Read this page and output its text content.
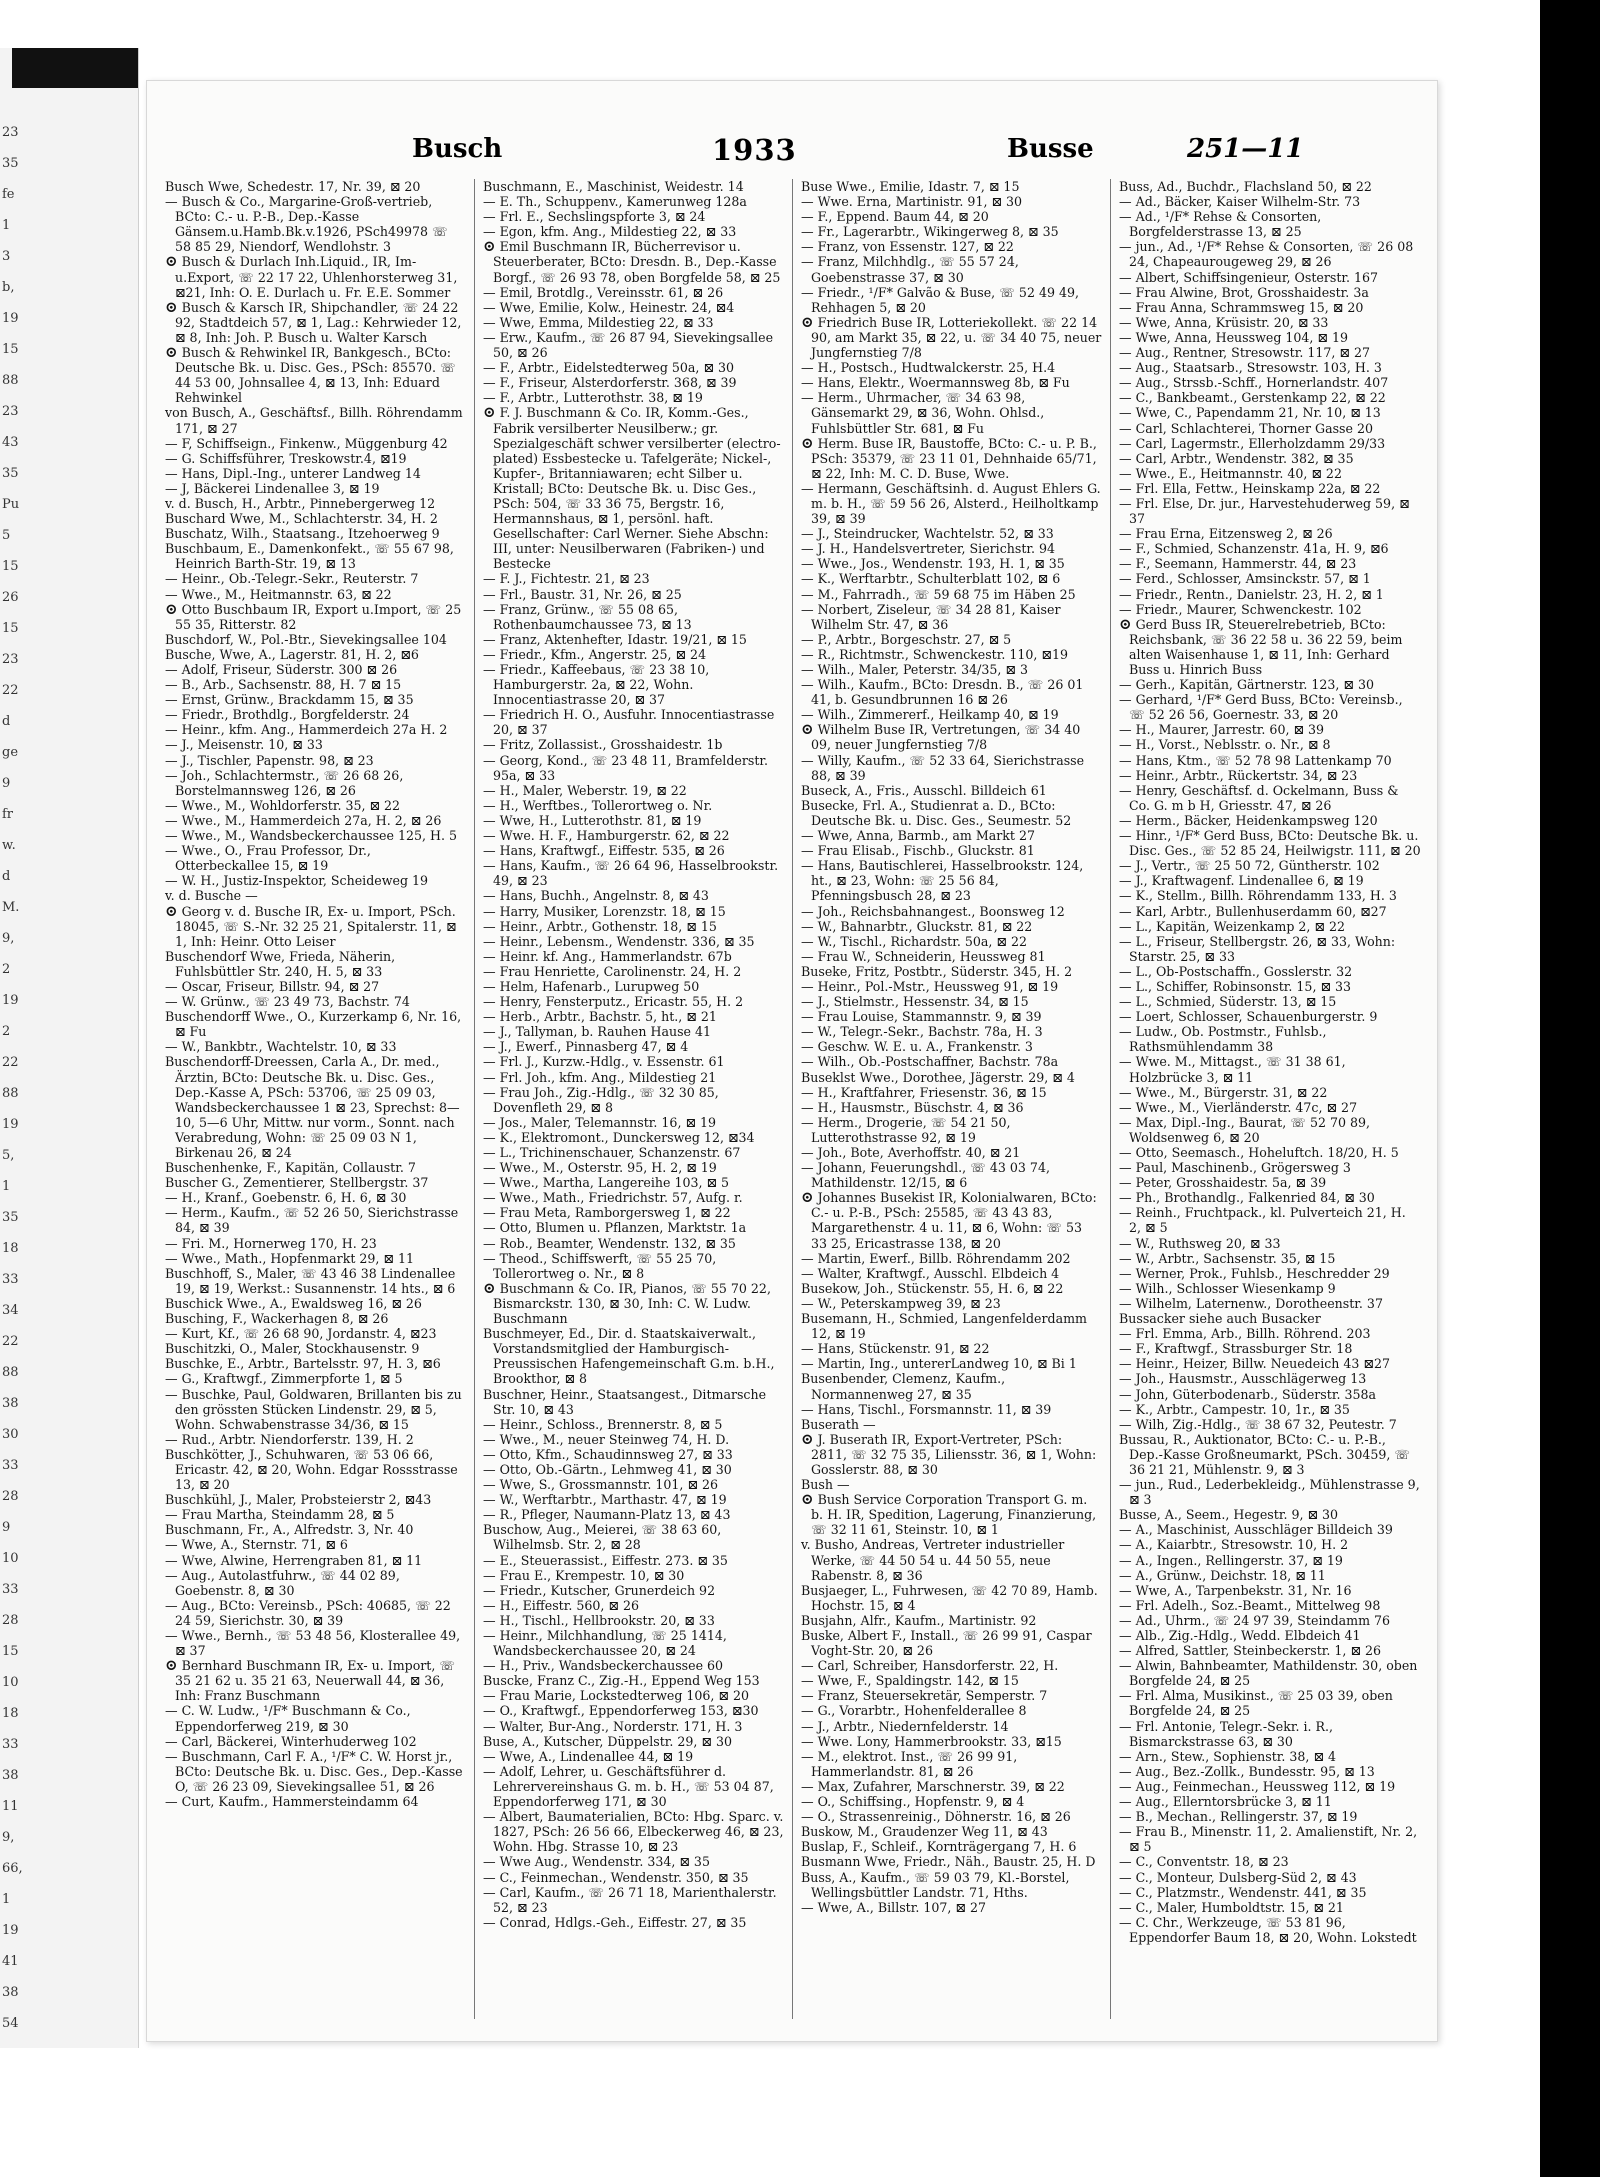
23
35
fe
1
3
b,
19
15
88
23
43
35
Pu
5
15
26
15
23
22
d
ge
9
fr
w.
d
M.
9,
2
19
2
22
88
19
5,
1
35
18
33
34
22
88
38
30
33
28
9
10
33
28
15
10
18
33
38
11
9,
66,
1
19
41
38
54
Busch	1933	Busse	251—11

Busch Wwe, Schedestr. 17, Nr. 39, ⊠ 20

— Busch & Co., Margarine-Groß-vertrieb, BCto: C.- u. P.-B., Dep.-Kasse Gänsem.u.Hamb.Bk.v.1926, PSch49978 ☏ 58 85 29, Niendorf, Wendlohstr. 3

⊙ Busch & Durlach Inh.Liquid., IR, Im-u.Export, ☏ 22 17 22, Uhlenhorsterweg 31, ⊠21, Inh: O. E. Durlach u. Fr. E.E. Sommer

⊙ Busch & Karsch IR, Shipchandler, ☏ 24 22 92, Stadtdeich 57, ⊠ 1, Lag.: Kehrwieder 12, ⊠ 8, Inh: Joh. P. Busch u. Walter Karsch

⊙ Busch & Rehwinkel IR, Bankgesch., BCto: Deutsche Bk. u. Disc. Ges., PSch: 85570. ☏ 44 53 00, Johnsallee 4, ⊠ 13, Inh: Eduard Rehwinkel

von Busch, A., Geschäftsf., Billh. Röhrendamm 171, ⊠ 27

— F, Schiffseign., Finkenw., Müggenburg 42

— G. Schiffsführer, Treskowstr.4, ⊠19

— Hans, Dipl.-Ing., unterer Landweg 14

— J, Bäckerei Lindenallee 3, ⊠ 19

v. d. Busch, H., Arbtr., Pinnebergerweg 12

Buschard Wwe, M., Schlachterstr. 34, H. 2

Buschatz, Wilh., Staatsang., Itzehoerweg 9

Buschbaum, E., Damenkonfekt., ☏ 55 67 98, Heinrich Barth-Str. 19, ⊠ 13

— Heinr., Ob.-Telegr.-Sekr., Reuterstr. 7

— Wwe., M., Heitmannstr. 63, ⊠ 22

⊙ Otto Buschbaum IR, Export u.Import, ☏ 25 55 35, Ritterstr. 82

Buschdorf, W., Pol.-Btr., Sievekingsallee 104

Busche, Wwe, A., Lagerstr. 81, H. 2, ⊠6

— Adolf, Friseur, Süderstr. 300 ⊠ 26

— B., Arb., Sachsenstr. 88, H. 7 ⊠ 15

— Ernst, Grünw., Brackdamm 15, ⊠ 35

— Friedr., Brothdlg., Borgfelderstr. 24

— Heinr., kfm. Ang., Hammerdeich 27a H. 2

— J., Meisenstr. 10, ⊠ 33

— J., Tischler, Papenstr. 98, ⊠ 23

— Joh., Schlachtermstr., ☏ 26 68 26, Borstelmannsweg 126, ⊠ 26

— Wwe., M., Wohldorferstr. 35, ⊠ 22

— Wwe., M., Hammerdeich 27a, H. 2, ⊠ 26

— Wwe., M., Wandsbeckerchaussee 125, H. 5

— Wwe., O., Frau Professor, Dr., Otterbeckallee 15, ⊠ 19

— W. H., Justiz-Inspektor, Scheideweg 19

v. d. Busche —

⊙ Georg v. d. Busche IR, Ex- u. Import, PSch. 18045, ☏ S.-Nr. 32 25 21, Spitalerstr. 11, ⊠ 1, Inh: Heinr. Otto Leiser

Buschendorf Wwe, Frieda, Näherin, Fuhlsbüttler Str. 240, H. 5, ⊠ 33

— Oscar, Friseur, Billstr. 94, ⊠ 27

— W. Grünw., ☏ 23 49 73, Bachstr. 74

Buschendorff Wwe., O., Kurzerkamp 6, Nr. 16, ⊠ Fu

— W., Bankbtr., Wachtelstr. 10, ⊠ 33

Buschendorff-Dreessen, Carla A., Dr. med., Ärztin, BCto: Deutsche Bk. u. Disc. Ges., Dep.-Kasse A, PSch: 53706, ☏ 25 09 03, Wandsbeckerchaussee 1 ⊠ 23, Sprechst: 8—10, 5—6 Uhr, Mittw. nur vorm., Sonnt. nach Verabredung, Wohn: ☏ 25 09 03 N 1, Birkenau 26, ⊠ 24

Buschenhenke, F., Kapitän, Collaustr. 7

Buscher G., Zementierer, Stellbergstr. 37

— H., Kranf., Goebenstr. 6, H. 6, ⊠ 30

— Herm., Kaufm., ☏ 52 26 50, Sierichstrasse 84, ⊠ 39

— Fri. M., Hornerweg 170, H. 23

— Wwe., Math., Hopfenmarkt 29, ⊠ 11

Buschhoff, S., Maler, ☏ 43 46 38 Lindenallee 19, ⊠ 19, Werkst.: Susannenstr. 14 hts., ⊠ 6

Buschick Wwe., A., Ewaldsweg 16, ⊠ 26

Busching, F., Wackerhagen 8, ⊠ 26

— Kurt, Kf., ☏ 26 68 90, Jordanstr. 4, ⊠23

Buschitzki, O., Maler, Stockhausenstr. 9

Buschke, E., Arbtr., Bartelsstr. 97, H. 3, ⊠6

— G., Kraftwgf., Zimmerpforte 1, ⊠ 5

— Buschke, Paul, Goldwaren, Brillanten bis zu den grössten Stücken Lindenstr. 29, ⊠ 5, Wohn. Schwabenstrasse 34/36, ⊠ 15

— Rud., Arbtr. Niendorferstr. 139, H. 2

Buschkötter, J., Schuhwaren, ☏ 53 06 66, Ericastr. 42, ⊠ 20, Wohn. Edgar Rossstrasse 13, ⊠ 20

Buschkühl, J., Maler, Probsteierstr 2, ⊠43

— Frau Martha, Steindamm 28, ⊠ 5

Buschmann, Fr., A., Alfredstr. 3, Nr. 40

— Wwe, A., Sternstr. 71, ⊠ 6

— Wwe, Alwine, Herrengraben 81, ⊠ 11

— Aug., Autolastfuhrw., ☏ 44 02 89, Goebenstr. 8, ⊠ 30

— Aug., BCto: Vereinsb., PSch: 40685, ☏ 22 24 59, Sierichstr. 30, ⊠ 39

— Wwe., Bernh., ☏ 53 48 56, Klosterallee 49, ⊠ 37

⊙ Bernhard Buschmann IR, Ex- u. Import, ☏ 35 21 62 u. 35 21 63, Neuerwall 44, ⊠ 36, Inh: Franz Buschmann

— C. W. Ludw., ¹/F* Buschmann & Co., Eppendorferweg 219, ⊠ 30

— Carl, Bäckerei, Winterhuderweg 102

— Buschmann, Carl F. A., ¹/F* C. W. Horst jr., BCto: Deutsche Bk. u. Disc. Ges., Dep.-Kasse O, ☏ 26 23 09, Sievekingsallee 51, ⊠ 26

— Curt, Kaufm., Hammersteindamm 64

Buschmann, E., Maschinist, Weidestr. 14

— E. Th., Schuppenv., Kamerunweg 128a

— Frl. E., Sechslingspforte 3, ⊠ 24

— Egon, kfm. Ang., Mildestieg 22, ⊠ 33

⊙ Emil Buschmann IR, Bücherrevisor u. Steuerberater, BCto: Dresdn. B., Dep.-Kasse Borgf., ☏ 26 93 78, oben Borgfelde 58, ⊠ 25

— Emil, Brotdlg., Vereinsstr. 61, ⊠ 26

— Wwe, Emilie, Kolw., Heinestr. 24, ⊠4

— Wwe, Emma, Mildestieg 22, ⊠ 33

— Erw., Kaufm., ☏ 26 87 94, Sievekingsallee 50, ⊠ 26

— F., Arbtr., Eidelstedterweg 50a, ⊠ 30

— F., Friseur, Alsterdorferstr. 368, ⊠ 39

— F., Arbtr., Lutterothstr. 38, ⊠ 19

⊙ F. J. Buschmann & Co. IR, Komm.-Ges., Fabrik versilberter Neusilberw.; gr. Spezialgeschäft schwer versilberter (electro-plated) Essbestecke u. Tafelgeräte; Nickel-, Kupfer-, Britanniawaren; echt Silber u. Kristall; BCto: Deutsche Bk. u. Disc Ges., PSch: 504, ☏ 33 36 75, Bergstr. 16, Hermannshaus, ⊠ 1, persönl. haft. Gesellschafter: Carl Werner. Siehe Abschn: III, unter: Neusilberwaren (Fabriken-) und Bestecke

— F. J., Fichtestr. 21, ⊠ 23

— Frl., Baustr. 31, Nr. 26, ⊠ 25

— Franz, Grünw., ☏ 55 08 65, Rothenbaumchaussee 73, ⊠ 13

— Franz, Aktenhefter, Idastr. 19/21, ⊠ 15

— Friedr., Kfm., Angerstr. 25, ⊠ 24

— Friedr., Kaffeebaus, ☏ 23 38 10, Hamburgerstr. 2a, ⊠ 22, Wohn. Innocentiastrasse 20, ⊠ 37

— Friedrich H. O., Ausfuhr. Innocentiastrasse 20, ⊠ 37

— Fritz, Zollassist., Grosshaidestr. 1b

— Georg, Kond., ☏ 23 48 11, Bramfelderstr. 95a, ⊠ 33

— H., Maler, Weberstr. 19, ⊠ 22

— H., Werftbes., Tollerortweg o. Nr.

— Wwe, H., Lutterothstr. 81, ⊠ 19

— Wwe. H. F., Hamburgerstr. 62, ⊠ 22

— Hans, Kraftwgf., Eiffestr. 535, ⊠ 26

— Hans, Kaufm., ☏ 26 64 96, Hasselbrookstr. 49, ⊠ 23

— Hans, Buchh., Angelnstr. 8, ⊠ 43

— Harry, Musiker, Lorenzstr. 18, ⊠ 15

— Heinr., Arbtr., Gothenstr. 18, ⊠ 15

— Heinr., Lebensm., Wendenstr. 336, ⊠ 35

— Heinr. kf. Ang., Hammerlandstr. 67b

— Frau Henriette, Carolinenstr. 24, H. 2

— Helm, Hafenarb., Lurupweg 50

— Henry, Fensterputz., Ericastr. 55, H. 2

— Herb., Arbtr., Bachstr. 5, ht., ⊠ 21

— J., Tallyman, b. Rauhen Hause 41

— J., Ewerf., Pinnasberg 47, ⊠ 4

— Frl. J., Kurzw.-Hdlg., v. Essenstr. 61

— Frl. Joh., kfm. Ang., Mildestieg 21

— Frau Joh., Zig.-Hdlg., ☏ 32 30 85, Dovenfleth 29, ⊠ 8

— Jos., Maler, Telemannstr. 16, ⊠ 19

— K., Elektromont., Dunckersweg 12, ⊠34

— L., Trichinenschauer, Schanzenstr. 67

— Wwe., M., Osterstr. 95, H. 2, ⊠ 19

— Wwe., Martha, Langereihe 103, ⊠ 5

— Wwe., Math., Friedrichstr. 57, Aufg. r.

— Frau Meta, Ramborgersweg 1, ⊠ 22

— Otto, Blumen u. Pflanzen, Marktstr. 1a

— Rob., Beamter, Wendenstr. 132, ⊠ 35

— Theod., Schiffswerft, ☏ 55 25 70, Tollerortweg o. Nr., ⊠ 8

⊙ Buschmann & Co. IR, Pianos, ☏ 55 70 22, Bismarckstr. 130, ⊠ 30, Inh: C. W. Ludw. Buschmann

Buschmeyer, Ed., Dir. d. Staatskaiverwalt., Vorstandsmitglied der Hamburgisch-Preussischen Hafengemeinschaft G.m. b.H., Brookthor, ⊠ 8

Buschner, Heinr., Staatsangest., Ditmarsche Str. 10, ⊠ 43

— Heinr., Schloss., Brennerstr. 8, ⊠ 5

— Wwe., M., neuer Steinweg 74, H. D.

— Otto, Kfm., Schaudinnsweg 27, ⊠ 33

— Otto, Ob.-Gärtn., Lehmweg 41, ⊠ 30

— Wwe, S., Grossmannstr. 101, ⊠ 26

— W., Werftarbtr., Marthastr. 47, ⊠ 19

— R., Pfleger, Naumann-Platz 13, ⊠ 43

Buschow, Aug., Meierei, ☏ 38 63 60, Wilhelmsb. Str. 2, ⊠ 28

— E., Steuerassist., Eiffestr. 273. ⊠ 35

— Frau E., Krempestr. 10, ⊠ 30

— Friedr., Kutscher, Grunerdeich 92

— H., Eiffestr. 560, ⊠ 26

— H., Tischl., Hellbrookstr. 20, ⊠ 33

— Heinr., Milchhandlung, ☏ 25 1414, Wandsbeckerchaussee 20, ⊠ 24

— H., Priv., Wandsbeckerchaussee 60

Buscke, Franz C., Zig.-H., Eppend Weg 153

— Frau Marie, Lockstedterweg 106, ⊠ 20

— O., Kraftwgf., Eppendorferweg 153, ⊠30

— Walter, Bur-Ang., Norderstr. 171, H. 3

Buse, A., Kutscher, Düppelstr. 29, ⊠ 30

— Wwe, A., Lindenallee 44, ⊠ 19

— Adolf, Lehrer, u. Geschäftsführer d. Lehrervereinshaus G. m. b. H., ☏ 53 04 87, Eppendorferweg 171, ⊠ 30

— Albert, Baumaterialien, BCto: Hbg. Sparc. v. 1827, PSch: 26 56 66, Elbeckerweg 46, ⊠ 23, Wohn. Hbg. Strasse 10, ⊠ 23

— Wwe Aug., Wendenstr. 334, ⊠ 35

— C., Feinmechan., Wendenstr. 350, ⊠ 35

— Carl, Kaufm., ☏ 26 71 18, Marienthalerstr. 52, ⊠ 23

— Conrad, Hdlgs.-Geh., Eiffestr. 27, ⊠ 35

Buse Wwe., Emilie, Idastr. 7, ⊠ 15

— Wwe. Erna, Martinistr. 91, ⊠ 30

— F., Eppend. Baum 44, ⊠ 20

— Fr., Lagerarbtr., Wikingerweg 8, ⊠ 35

— Franz, von Essenstr. 127, ⊠ 22

— Franz, Milchhdlg., ☏ 55 57 24, Goebenstrasse 37, ⊠ 30

— Friedr., ¹/F* Galvão & Buse, ☏ 52 49 49, Rehhagen 5, ⊠ 20

⊙ Friedrich Buse IR, Lotteriekollekt. ☏ 22 14 90, am Markt 35, ⊠ 22, u. ☏ 34 40 75, neuer Jungfernstieg 7/8

— H., Postsch., Hudtwalckerstr. 25, H.4

— Hans, Elektr., Woermannsweg 8b, ⊠ Fu

— Herm., Uhrmacher, ☏ 34 63 98, Gänsemarkt 29, ⊠ 36, Wohn. Ohlsd., Fuhlsbüttler Str. 681, ⊠ Fu

⊙ Herm. Buse IR, Baustoffe, BCto: C.- u. P. B., PSch: 35379, ☏ 23 11 01, Dehnhaide 65/71, ⊠ 22, Inh: M. C. D. Buse, Wwe.

— Hermann, Geschäftsinh. d. August Ehlers G. m. b. H., ☏ 59 56 26, Alsterd., Heilholtkamp 39, ⊠ 39

— J., Steindrucker, Wachtelstr. 52, ⊠ 33

— J. H., Handelsvertreter, Sierichstr. 94

— Wwe., Jos., Wendenstr. 193, H. 1, ⊠ 35

— K., Werftarbtr., Schulterblatt 102, ⊠ 6

— M., Fahrradh., ☏ 59 68 75 im Häben 25

— Norbert, Ziseleur, ☏ 34 28 81, Kaiser Wilhelm Str. 47, ⊠ 36

— P., Arbtr., Borgeschstr. 27, ⊠ 5

— R., Richtmstr., Schwenckestr. 110, ⊠19

— Wilh., Maler, Peterstr. 34/35, ⊠ 3

— Wilh., Kaufm., BCto: Dresdn. B., ☏ 26 01 41, b. Gesundbrunnen 16 ⊠ 26

— Wilh., Zimmererf., Heilkamp 40, ⊠ 19

⊙ Wilhelm Buse IR, Vertretungen, ☏ 34 40 09, neuer Jungfernstieg 7/8

— Willy, Kaufm., ☏ 52 33 64, Sierichstrasse 88, ⊠ 39

Buseck, A., Fris., Ausschl. Billdeich 61

Busecke, Frl. A., Studienrat a. D., BCto: Deutsche Bk. u. Disc. Ges., Seumestr. 52

— Wwe, Anna, Barmb., am Markt 27

— Frau Elisab., Fischb., Gluckstr. 81

— Hans, Bautischlerei, Hasselbrookstr. 124, ht., ⊠ 23, Wohn: ☏ 25 56 84, Pfenningsbusch 28, ⊠ 23

— Joh., Reichsbahnangest., Boonsweg 12

— W., Bahnarbtr., Gluckstr. 81, ⊠ 22

— W., Tischl., Richardstr. 50a, ⊠ 22

— Frau W., Schneiderin, Heussweg 81

Buseke, Fritz, Postbtr., Süderstr. 345, H. 2

— Heinr., Pol.-Mstr., Heussweg 91, ⊠ 19

— J., Stielmstr., Hessenstr. 34, ⊠ 15

— Frau Louise, Stammannstr. 9, ⊠ 39

— W., Telegr.-Sekr., Bachstr. 78a, H. 3

— Geschw. W. E. u. A., Frankenstr. 3

— Wilh., Ob.-Postschaffner, Bachstr. 78a

Buseklst Wwe., Dorothee, Jägerstr. 29, ⊠ 4

— H., Kraftfahrer, Friesenstr. 36, ⊠ 15

— H., Hausmstr., Büschstr. 4, ⊠ 36

— Herm., Drogerie, ☏ 54 21 50, Lutterothstrasse 92, ⊠ 19

— Joh., Bote, Averhoffstr. 40, ⊠ 21

— Johann, Feuerungshdl., ☏ 43 03 74, Mathildenstr. 12/15, ⊠ 6

⊙ Johannes Busekist IR, Kolonialwaren, BCto: C.- u. P.-B., PSch: 25585, ☏ 43 43 83, Margarethenstr. 4 u. 11, ⊠ 6, Wohn: ☏ 53 33 25, Ericastrasse 138, ⊠ 20

— Martin, Ewerf., Billb. Röhrendamm 202

— Walter, Kraftwgf., Ausschl. Elbdeich 4

Busekow, Joh., Stückenstr. 55, H. 6, ⊠ 22

— W., Peterskampweg 39, ⊠ 23

Busemann, H., Schmied, Langenfelderdamm 12, ⊠ 19

— Hans, Stückenstr. 91, ⊠ 22

— Martin, Ing., untererLandweg 10, ⊠ Bi 1

Busenbender, Clemenz, Kaufm., Normannenweg 27, ⊠ 35

— Hans, Tischl., Forsmannstr. 11, ⊠ 39

Buserath —

⊙ J. Buserath IR, Export-Vertreter, PSch: 2811, ☏ 32 75 35, Liliensstr. 36, ⊠ 1, Wohn: Gosslerstr. 88, ⊠ 30

Bush —

⊙ Bush Service Corporation Transport G. m. b. H. IR, Spedition, Lagerung, Finanzierung, ☏ 32 11 61, Steinstr. 10, ⊠ 1

v. Busho, Andreas, Vertreter industrieller Werke, ☏ 44 50 54 u. 44 50 55, neue Rabenstr. 8, ⊠ 36

Busjaeger, L., Fuhrwesen, ☏ 42 70 89, Hamb. Hochstr. 15, ⊠ 4

Busjahn, Alfr., Kaufm., Martinistr. 92

Buske, Albert F., Install., ☏ 26 99 91, Caspar Voght-Str. 20, ⊠ 26

— Carl, Schreiber, Hansdorferstr. 22, H.

— Wwe, F., Spaldingstr. 142, ⊠ 15

— Franz, Steuersekretär, Semperstr. 7

— G., Vorarbtr., Hohenfelderallee 8

— J., Arbtr., Niedernfelderstr. 14

— Wwe. Lony, Hammerbrookstr. 33, ⊠15

— M., elektrot. Inst., ☏ 26 99 91, Hammerlandstr. 81, ⊠ 26

— Max, Zufahrer, Marschnerstr. 39, ⊠ 22

— O., Schiffsing., Hopfenstr. 9, ⊠ 4

— O., Strassenreinig., Döhnerstr. 16, ⊠ 26

Buskow, M., Graudenzer Weg 11, ⊠ 43

Buslap, F., Schleif., Kornträgergang 7, H. 6

Busmann Wwe, Friedr., Näh., Baustr. 25, H. D

Buss, A., Kaufm., ☏ 59 03 79, Kl.-Borstel, Wellingsbüttler Landstr. 71, Hths.

— Wwe, A., Billstr. 107, ⊠ 27

Buss, Ad., Buchdr., Flachsland 50, ⊠ 22

— Ad., Bäcker, Kaiser Wilhelm-Str. 73

— Ad., ¹/F* Rehse & Consorten, Borgfelderstrasse 13, ⊠ 25

— jun., Ad., ¹/F* Rehse & Consorten, ☏ 26 08 24, Chapeaurougeweg 29, ⊠ 26

— Albert, Schiffsingenieur, Osterstr. 167

— Frau Alwine, Brot, Grosshaidestr. 3a

— Frau Anna, Schrammsweg 15, ⊠ 20

— Wwe, Anna, Krüsistr. 20, ⊠ 33

— Wwe, Anna, Heussweg 104, ⊠ 19

— Aug., Rentner, Stresowstr. 117, ⊠ 27

— Aug., Staatsarb., Stresowstr. 103, H. 3

— Aug., Strssb.-Schff., Hornerlandstr. 407

— C., Bankbeamt., Gerstenkamp 22, ⊠ 22

— Wwe, C., Papendamm 21, Nr. 10, ⊠ 13

— Carl, Schlachterei, Thorner Gasse 20

— Carl, Lagermstr., Ellerholzdamm 29/33

— Carl, Arbtr., Wendenstr. 382, ⊠ 35

— Wwe., E., Heitmannstr. 40, ⊠ 22

— Frl. Ella, Fettw., Heinskamp 22a, ⊠ 22

— Frl. Else, Dr. jur., Harvestehuderweg 59, ⊠ 37

— Frau Erna, Eitzensweg 2, ⊠ 26

— F., Schmied, Schanzenstr. 41a, H. 9, ⊠6

— F., Seemann, Hammerstr. 44, ⊠ 23

— Ferd., Schlosser, Amsinckstr. 57, ⊠ 1

— Friedr., Rentn., Danielstr. 23, H. 2, ⊠ 1

— Friedr., Maurer, Schwenckestr. 102

⊙ Gerd Buss IR, Steuerelrebetrieb, BCto: Reichsbank, ☏ 36 22 58 u. 36 22 59, beim alten Waisenhause 1, ⊠ 11, Inh: Gerhard Buss u. Hinrich Buss

— Gerh., Kapitän, Gärtnerstr. 123, ⊠ 30

— Gerhard, ¹/F* Gerd Buss, BCto: Vereinsb., ☏ 52 26 56, Goernestr. 33, ⊠ 20

— H., Maurer, Jarrestr. 60, ⊠ 39

— H., Vorst., Neblsstr. o. Nr., ⊠ 8

— Hans, Ktm., ☏ 52 78 98 Lattenkamp 70

— Heinr., Arbtr., Rückertstr. 34, ⊠ 23

— Henry, Geschäftsf. d. Ockelmann, Buss & Co. G. m b H, Griesstr. 47, ⊠ 26

— Herm., Bäcker, Heidenkampsweg 120

— Hinr., ¹/F* Gerd Buss, BCto: Deutsche Bk. u. Disc. Ges., ☏ 52 85 24, Heilwigstr. 111, ⊠ 20

— J., Vertr., ☏ 25 50 72, Güntherstr. 102

— J., Kraftwagenf. Lindenallee 6, ⊠ 19

— K., Stellm., Billh. Röhrendamm 133, H. 3

— Karl, Arbtr., Bullenhuserdamm 60, ⊠27

— L., Kapitän, Weizenkamp 2, ⊠ 22

— L., Friseur, Stellbergstr. 26, ⊠ 33, Wohn: Starstr. 25, ⊠ 33

— L., Ob-Postschaffn., Gosslerstr. 32

— L., Schiffer, Robinsonstr. 15, ⊠ 33

— L., Schmied, Süderstr. 13, ⊠ 15

— Loert, Schlosser, Schauenburgerstr. 9

— Ludw., Ob. Postmstr., Fuhlsb., Rathsmühlendamm 38

— Wwe. M., Mittagst., ☏ 31 38 61, Holzbrücke 3, ⊠ 11

— Wwe., M., Bürgerstr. 31, ⊠ 22

— Wwe., M., Vierländerstr. 47c, ⊠ 27

— Max, Dipl.-Ing., Baurat, ☏ 52 70 89, Woldsenweg 6, ⊠ 20

— Otto, Seemasch., Hoheluftch. 18/20, H. 5

— Paul, Maschinenb., Grögersweg 3

— Peter, Grosshaidestr. 5a, ⊠ 39

— Ph., Brothandlg., Falkenried 84, ⊠ 30

— Reinh., Fruchtpack., kl. Pulverteich 21, H. 2, ⊠ 5

— W., Ruthsweg 20, ⊠ 33

— W., Arbtr., Sachsenstr. 35, ⊠ 15

— Werner, Prok., Fuhlsb., Heschredder 29

— Wilh., Schlosser Wiesenkamp 9

— Wilhelm, Laternenw., Dorotheenstr. 37

Bussacker siehe auch Busacker

— Frl. Emma, Arb., Billh. Röhrend. 203

— F., Kraftwgf., Strassburger Str. 18

— Heinr., Heizer, Billw. Neuedeich 43 ⊠27

— Joh., Hausmstr., Ausschlägerweg 13

— John, Güterbodenarb., Süderstr. 358a

— K., Arbtr., Campestr. 10, 1r., ⊠ 35

— Wilh, Zig.-Hdlg., ☏ 38 67 32, Peutestr. 7

Bussau, R., Auktionator, BCto: C.- u. P.-B., Dep.-Kasse Großneumarkt, PSch. 30459, ☏ 36 21 21, Mühlenstr. 9, ⊠ 3

— jun., Rud., Lederbekleidg., Mühlenstrasse 9, ⊠ 3

Busse, A., Seem., Hegestr. 9, ⊠ 30

— A., Maschinist, Ausschläger Billdeich 39

— A., Kaiarbtr., Stresowstr. 10, H. 2

— A., Ingen., Rellingerstr. 37, ⊠ 19

— A., Grünw., Deichstr. 18, ⊠ 11

— Wwe, A., Tarpenbekstr. 31, Nr. 16

— Frl. Adelh., Soz.-Beamt., Mittelweg 98

— Ad., Uhrm., ☏ 24 97 39, Steindamm 76

— Alb., Zig.-Hdlg., Wedd. Elbdeich 41

— Alfred, Sattler, Steinbeckerstr. 1, ⊠ 26

— Alwin, Bahnbeamter, Mathildenstr. 30, oben Borgfelde 24, ⊠ 25

— Frl. Alma, Musikinst., ☏ 25 03 39, oben Borgfelde 24, ⊠ 25

— Frl. Antonie, Telegr.-Sekr. i. R., Bismarckstrasse 63, ⊠ 30

— Arn., Stew., Sophienstr. 38, ⊠ 4

— Aug., Bez.-Zollk., Bundesstr. 95, ⊠ 13

— Aug., Feinmechan., Heussweg 112, ⊠ 19

— Aug., Ellerntorsbrücke 3, ⊠ 11

— B., Mechan., Rellingerstr. 37, ⊠ 19

— Frau B., Minenstr. 11, 2. Amalienstift, Nr. 2, ⊠ 5

— C., Conventstr. 18, ⊠ 23

— C., Monteur, Dulsberg-Süd 2, ⊠ 43

— C., Platzmstr., Wendenstr. 441, ⊠ 35

— C., Maler, Humboldtstr. 15, ⊠ 21

— C. Chr., Werkzeuge, ☏ 53 81 96, Eppendorfer Baum 18, ⊠ 20, Wohn. Lokstedt
